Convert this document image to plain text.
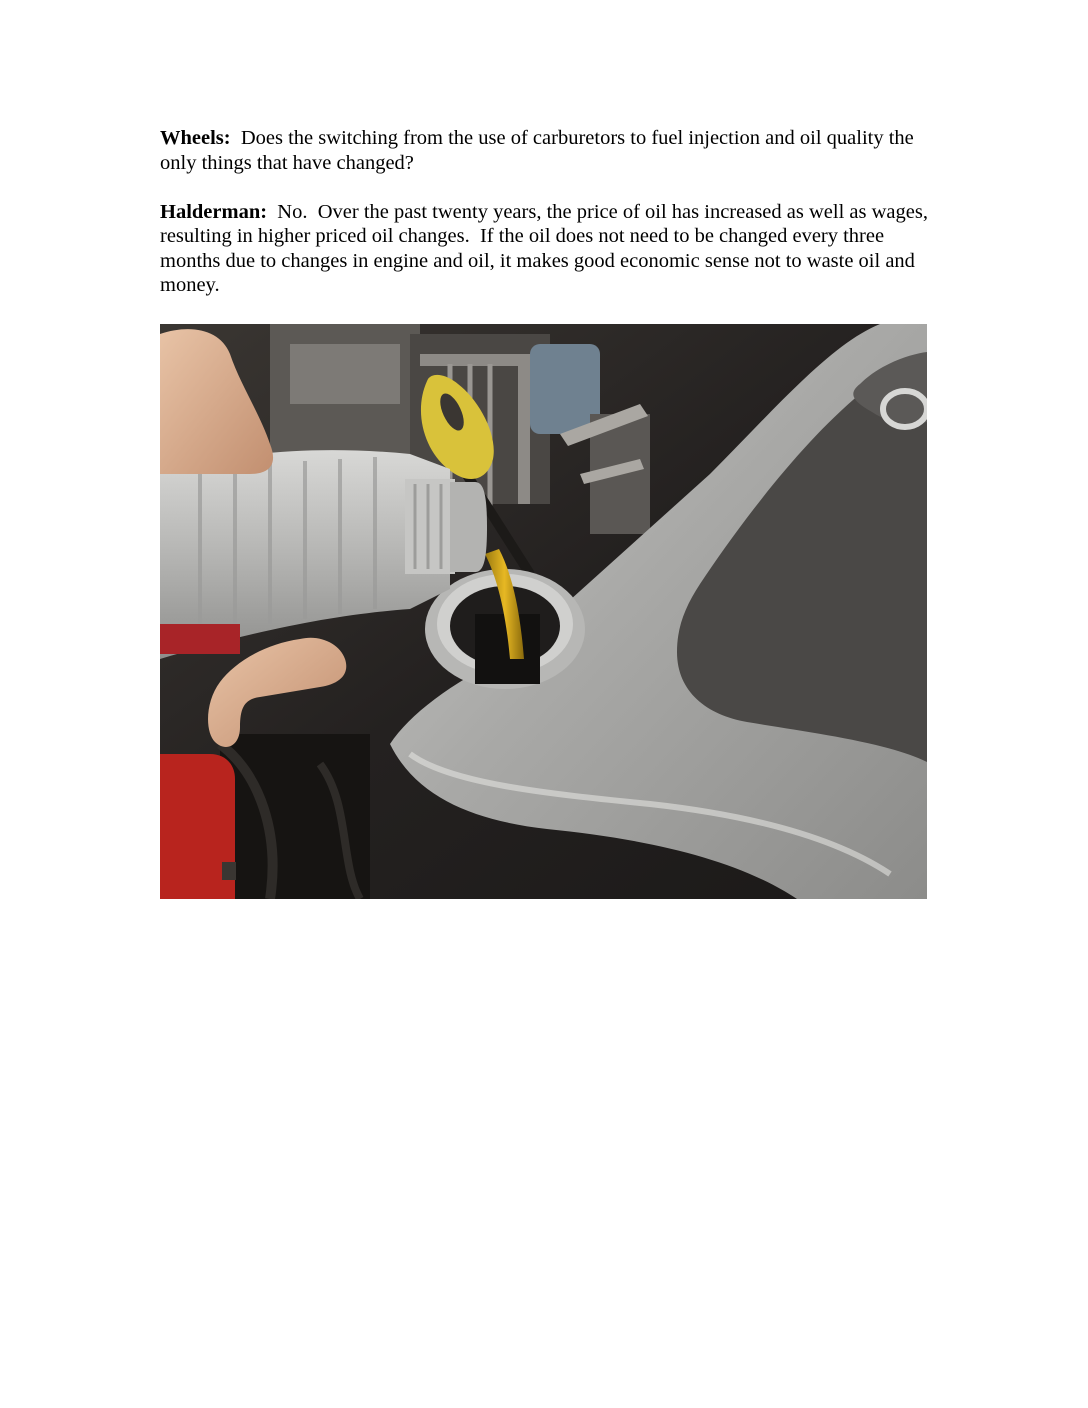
Wheels:  Does the switching from the use of carburetors to fuel injection and oil quality the only things that have changed?

Halderman:  No.  Over the past twenty years, the price of oil has increased as well as wages, resulting in higher priced oil changes.  If the oil does not need to be changed every three months due to changes in engine and oil, it makes good economic sense not to waste oil and money.
